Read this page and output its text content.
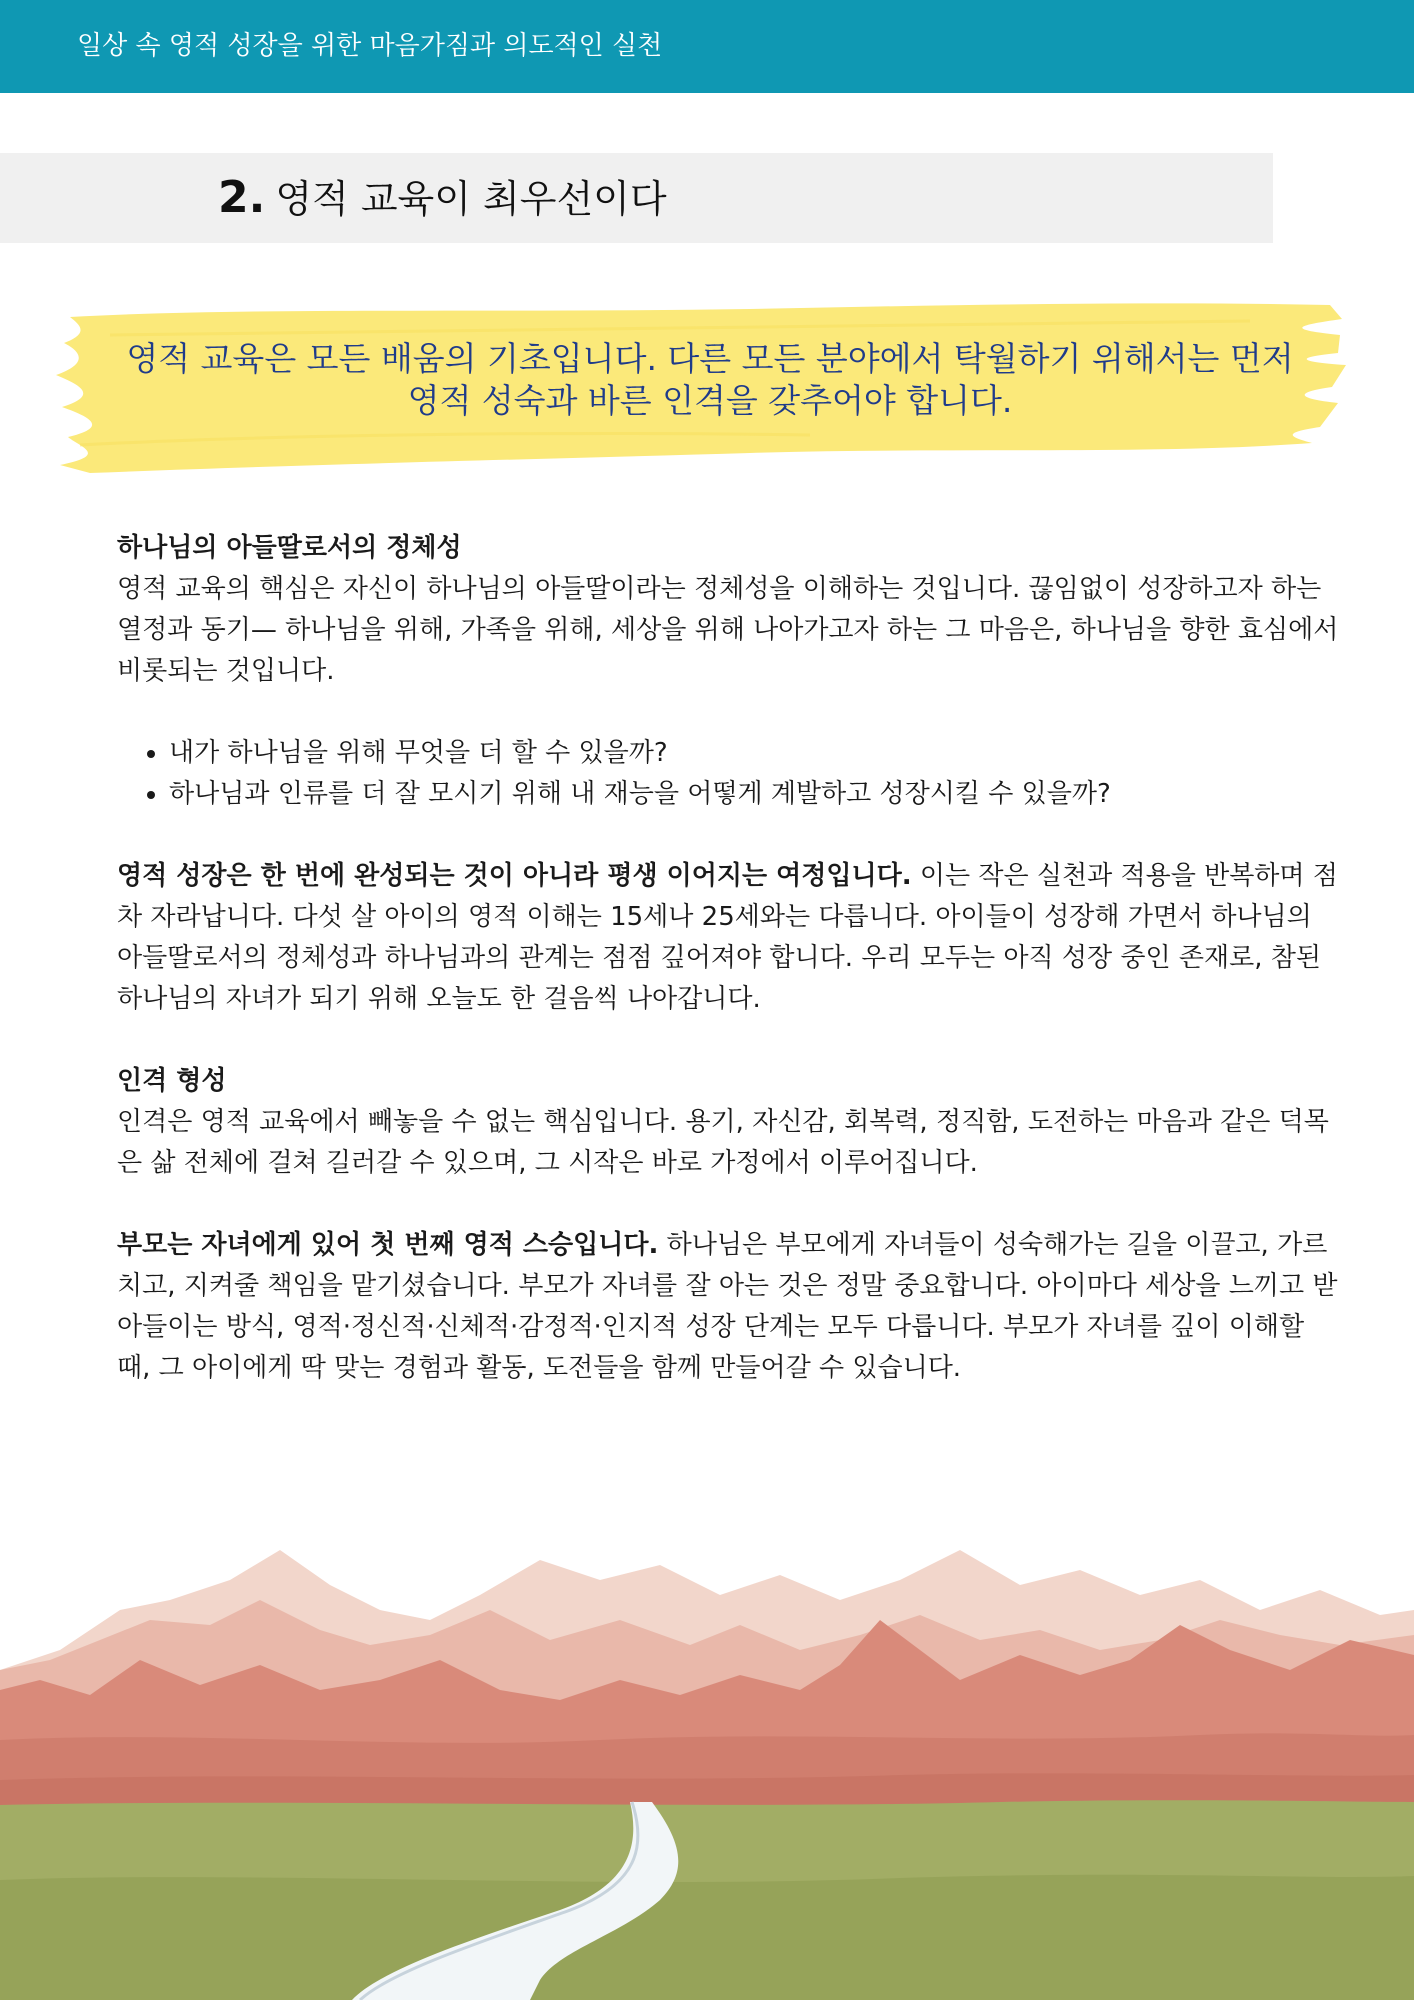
일상 속 영적 성장을 위한 마음가짐과 의도적인 실천
2. 영적 교육이 최우선이다
영적 교육은 모든 배움의 기초입니다. 다른 모든 분야에서 탁월하기 위해서는 먼저 영적 성숙과 바른 인격을 갖추어야 합니다.

하나님의 아들딸로서의 정체성

영적 교육의 핵심은 자신이 하나님의 아들딸이라는 정체성을 이해하는 것입니다. 끊임없이 성장하고자 하는 열정과 동기— 하나님을 위해, 가족을 위해, 세상을 위해 나아가고자 하는 그 마음은, 하나님을 향한 효심에서 비롯되는 것입니다.

• 내가 하나님을 위해 무엇을 더 할 수 있을까?
• 하나님과 인류를 더 잘 모시기 위해 내 재능을 어떻게 계발하고 성장시킬 수 있을까?

영적 성장은 한 번에 완성되는 것이 아니라 평생 이어지는 여정입니다. 이는 작은 실천과 적용을 반복하며 점차 자라납니다. 다섯 살 아이의 영적 이해는 15세나 25세와는 다릅니다. 아이들이 성장해 가면서 하나님의 아들딸로서의 정체성과 하나님과의 관계는 점점 깊어져야 합니다. 우리 모두는 아직 성장 중인 존재로, 참된 하나님의 자녀가 되기 위해 오늘도 한 걸음씩 나아갑니다.

인격 형성

인격은 영적 교육에서 빼놓을 수 없는 핵심입니다. 용기, 자신감, 회복력, 정직함, 도전하는 마음과 같은 덕목은 삶 전체에 걸쳐 길러갈 수 있으며, 그 시작은 바로 가정에서 이루어집니다.

부모는 자녀에게 있어 첫 번째 영적 스승입니다. 하나님은 부모에게 자녀들이 성숙해가는 길을 이끌고, 가르치고, 지켜줄 책임을 맡기셨습니다. 부모가 자녀를 잘 아는 것은 정말 중요합니다. 아이마다 세상을 느끼고 받아들이는 방식, 영적·정신적·신체적·감정적·인지적 성장 단계는 모두 다릅니다. 부모가 자녀를 깊이 이해할 때, 그 아이에게 딱 맞는 경험과 활동, 도전들을 함께 만들어갈 수 있습니다.
